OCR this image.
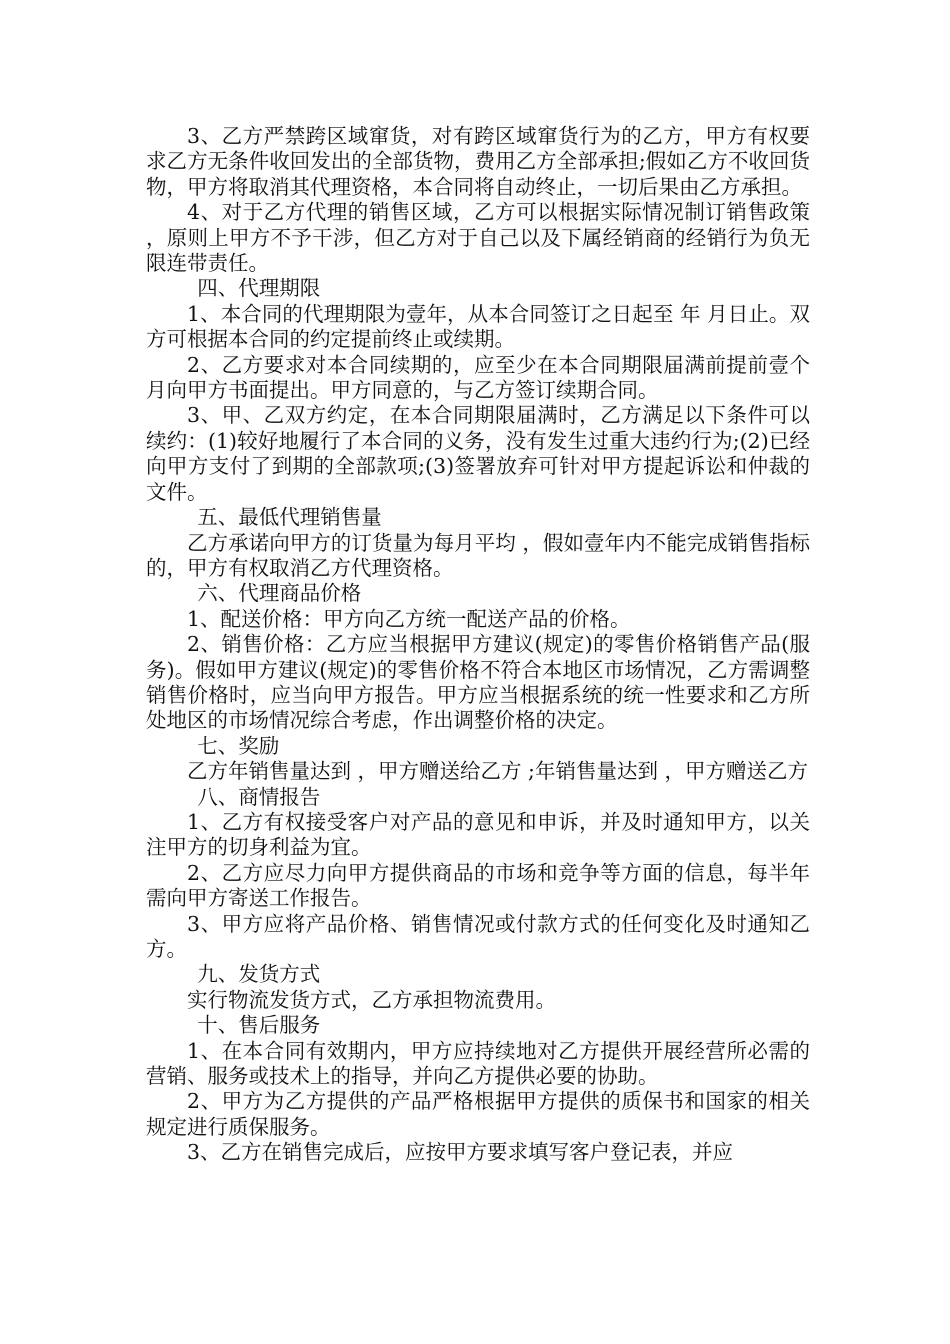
3、乙方严禁跨区域窜货，对有跨区域窜货行为的乙方，甲方有权要求乙方无条件收回发出的全部货物，费用乙方全部承担;假如乙方不收回货物，甲方将取消其代理资格，本合同将自动终止，一切后果由乙方承担。

4、对于乙方代理的销售区域，乙方可以根据实际情况制订销售政策，原则上甲方不予干涉，但乙方对于自己以及下属经销商的经销行为负无限连带责任。

四、代理期限

1、本合同的代理期限为壹年，从本合同签订之日起至 年 月日止。双方可根据本合同的约定提前终止或续期。

2、乙方要求对本合同续期的，应至少在本合同期限届满前提前壹个月向甲方书面提出。甲方同意的，与乙方签订续期合同。

3、甲、乙双方约定，在本合同期限届满时，乙方满足以下条件可以续约：(1)较好地履行了本合同的义务，没有发生过重大违约行为;(2)已经向甲方支付了到期的全部款项;(3)签署放弃可针对甲方提起诉讼和仲裁的文件。

五、最低代理销售量

乙方承诺向甲方的订货量为每月平均 ，假如壹年内不能完成销售指标的，甲方有权取消乙方代理资格。

六、代理商品价格

1、配送价格：甲方向乙方统一配送产品的价格。

2、销售价格：乙方应当根据甲方建议(规定)的零售价格销售产品(服务)。假如甲方建议(规定)的零售价格不符合本地区市场情况，乙方需调整销售价格时，应当向甲方报告。甲方应当根据系统的统一性要求和乙方所处地区的市场情况综合考虑，作出调整价格的决定。

七、奖励

乙方年销售量达到 ，甲方赠送给乙方 ;年销售量达到 ，甲方赠送乙方

八、商情报告

1、乙方有权接受客户对产品的意见和申诉，并及时通知甲方，以关注甲方的切身利益为宜。

2、乙方应尽力向甲方提供商品的市场和竞争等方面的信息，每半年需向甲方寄送工作报告。

3、甲方应将产品价格、销售情况或付款方式的任何变化及时通知乙方。

九、发货方式

实行物流发货方式，乙方承担物流费用。

十、售后服务

1、在本合同有效期内，甲方应持续地对乙方提供开展经营所必需的营销、服务或技术上的指导，并向乙方提供必要的协助。

2、甲方为乙方提供的产品严格根据甲方提供的质保书和国家的相关规定进行质保服务。

3、乙方在销售完成后，应按甲方要求填写客户登记表，并应
